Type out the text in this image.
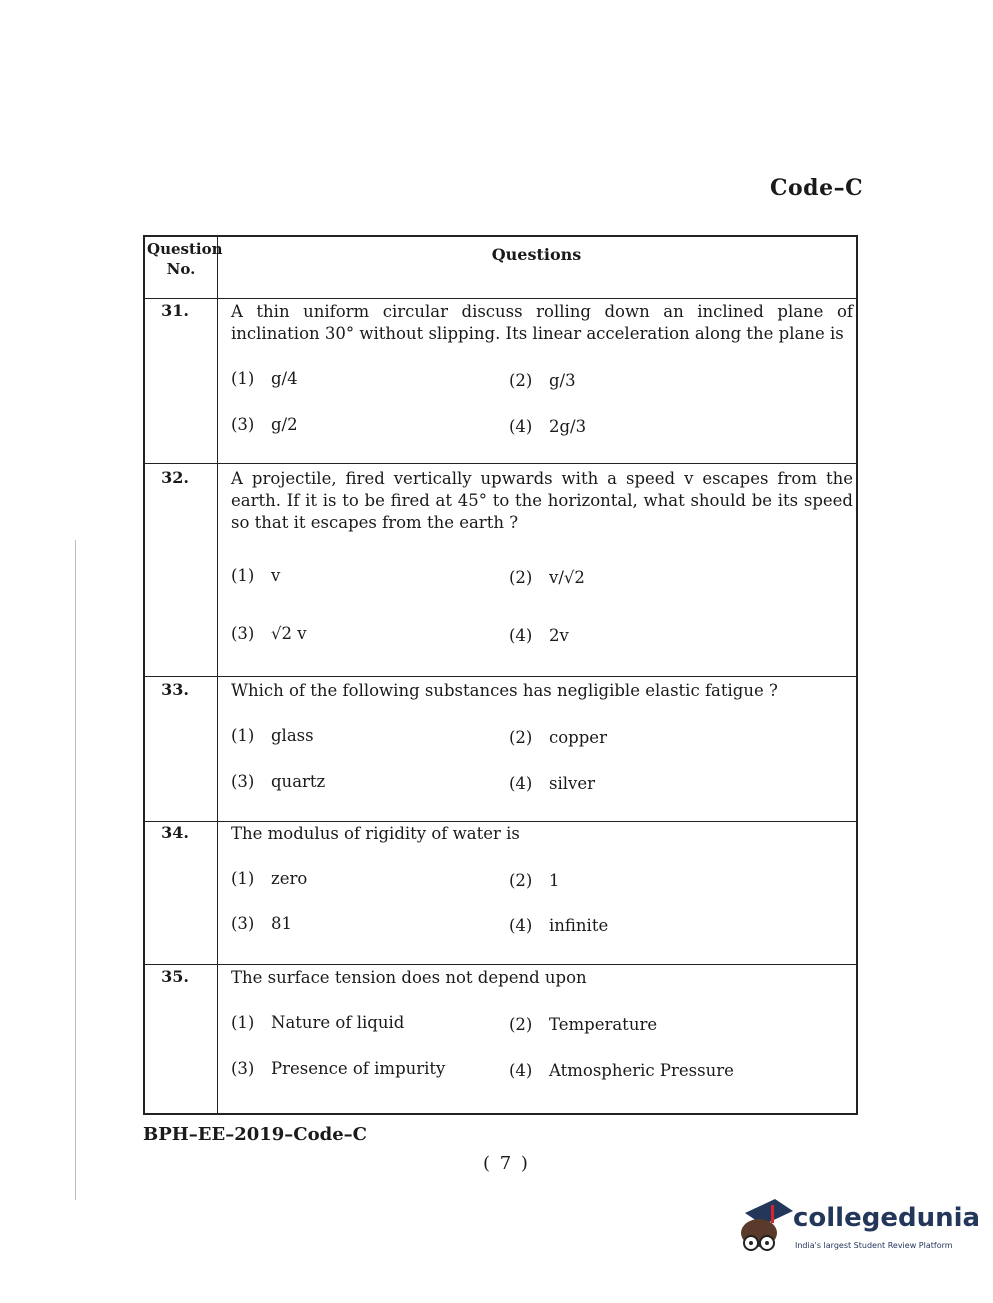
Code–C
Question No.
Questions
31.	A thin uniform circular discuss rolling down an inclined plane of inclination 30° without slipping. Its linear acceleration along the plane is
(1) g/4	(2) g/3
(3) g/2	(4) 2g/3
32.	A projectile, fired vertically upwards with a speed v escapes from the earth. If it is to be fired at 45° to the horizontal, what should be its speed so that it escapes from the earth ?
(1) v	(2) v/√2
(3) √2 v	(4) 2v
33.	Which of the following substances has negligible elastic fatigue ?
(1) glass	(2) copper
(3) quartz	(4) silver
34.	The modulus of rigidity of water is
(1) zero	(2) 1
(3) 81	(4) infinite
35.	The surface tension does not depend upon
(1) Nature of liquid	(2) Temperature
(3) Presence of impurity	(4) Atmospheric Pressure
BPH–EE–2019–Code–C
( 7 )
collegedunia
India's largest Student Review Platform
